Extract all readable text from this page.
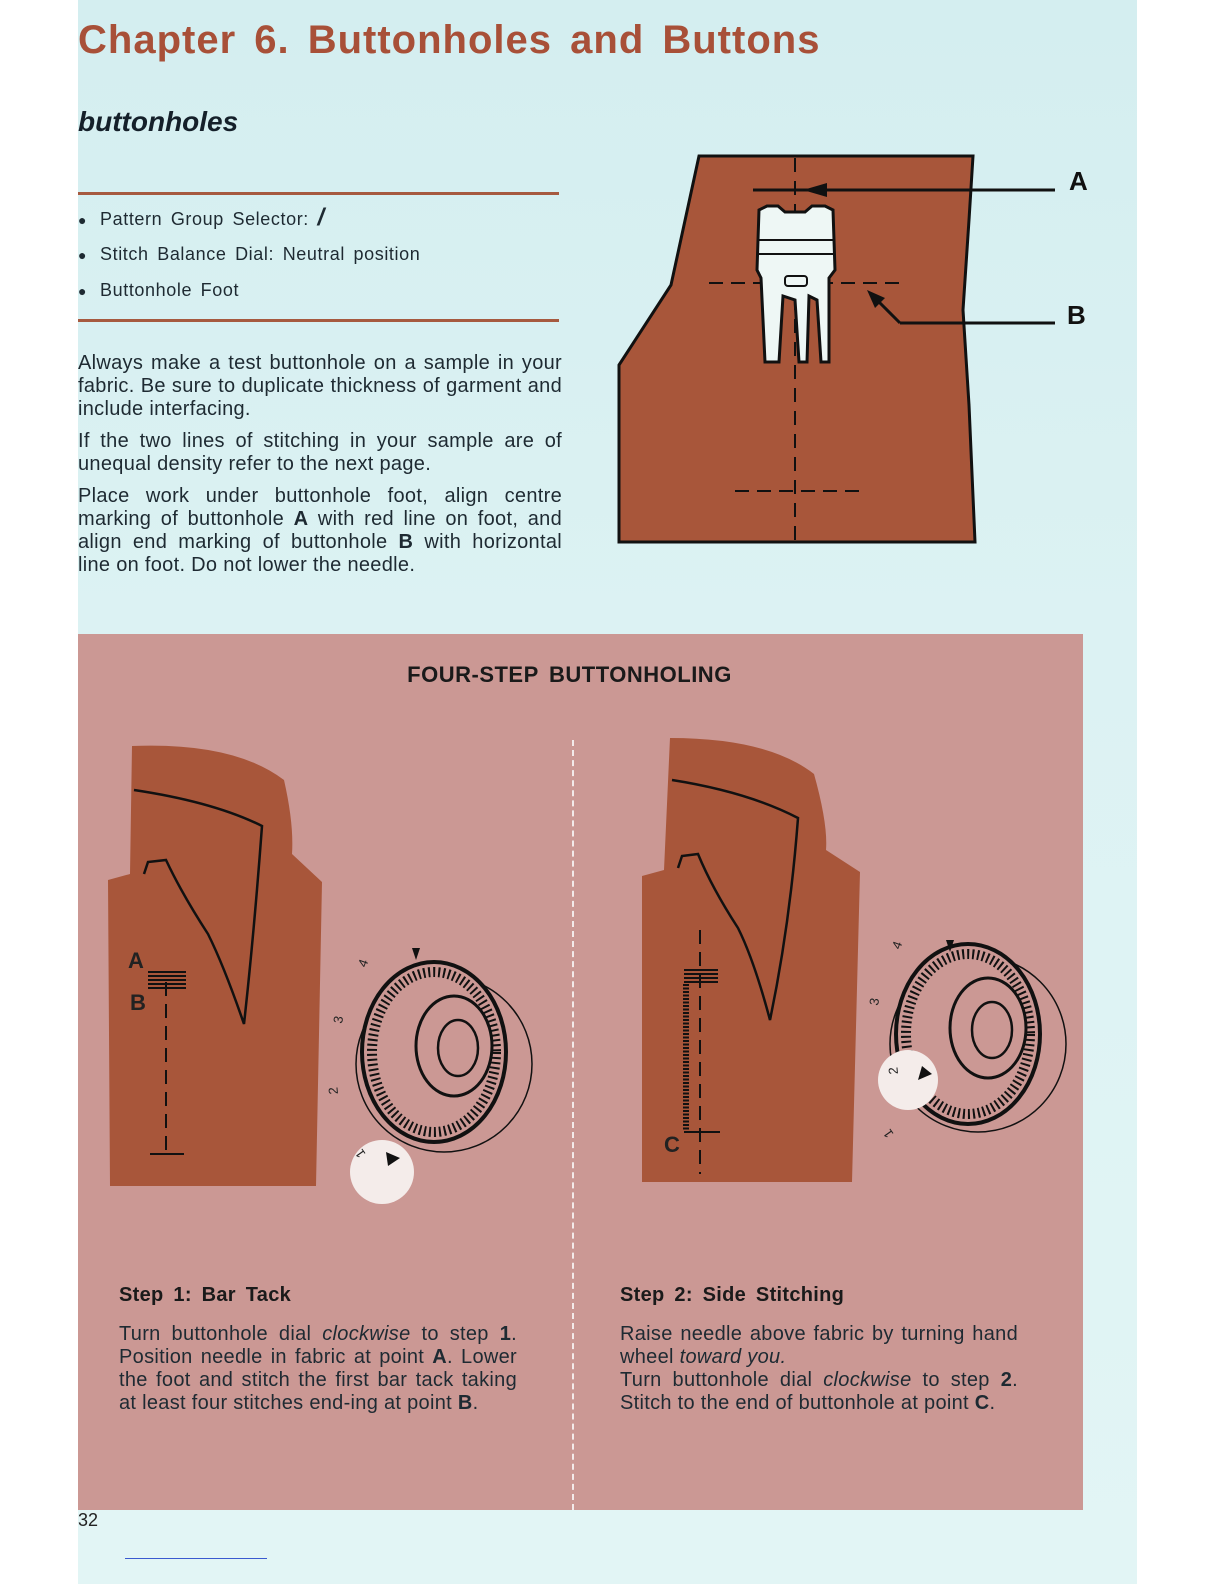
Chapter 6. Buttonholes and Buttons
buttonholes
● Pattern Group Selector: /
● Stitch Balance Dial: Neutral position
● Buttonhole Foot

Always make a test buttonhole on a sample in your fabric. Be sure to duplicate thickness of garment and include interfacing.

If the two lines of stitching in your sample are of unequal density refer to the next page.

Place work under buttonhole foot, align centre marking of buttonhole A with red line on foot, and align end marking of buttonhole B with horizontal line on foot. Do not lower the needle.

A
B
FOUR-STEP BUTTONHOLING
A
B
4
3
2
1	C
4
3
2
1
Step 1: Bar Tack

Turn buttonhole dial clockwise to step 1. Position needle in fabric at point A. Lower the foot and stitch the first bar tack taking at least four stitches end-ing at point B.

Step 2: Side Stitching

Raise needle above fabric by turning hand wheel toward you.
Turn buttonhole dial clockwise to step 2. Stitch to the end of buttonhole at point C.

32
